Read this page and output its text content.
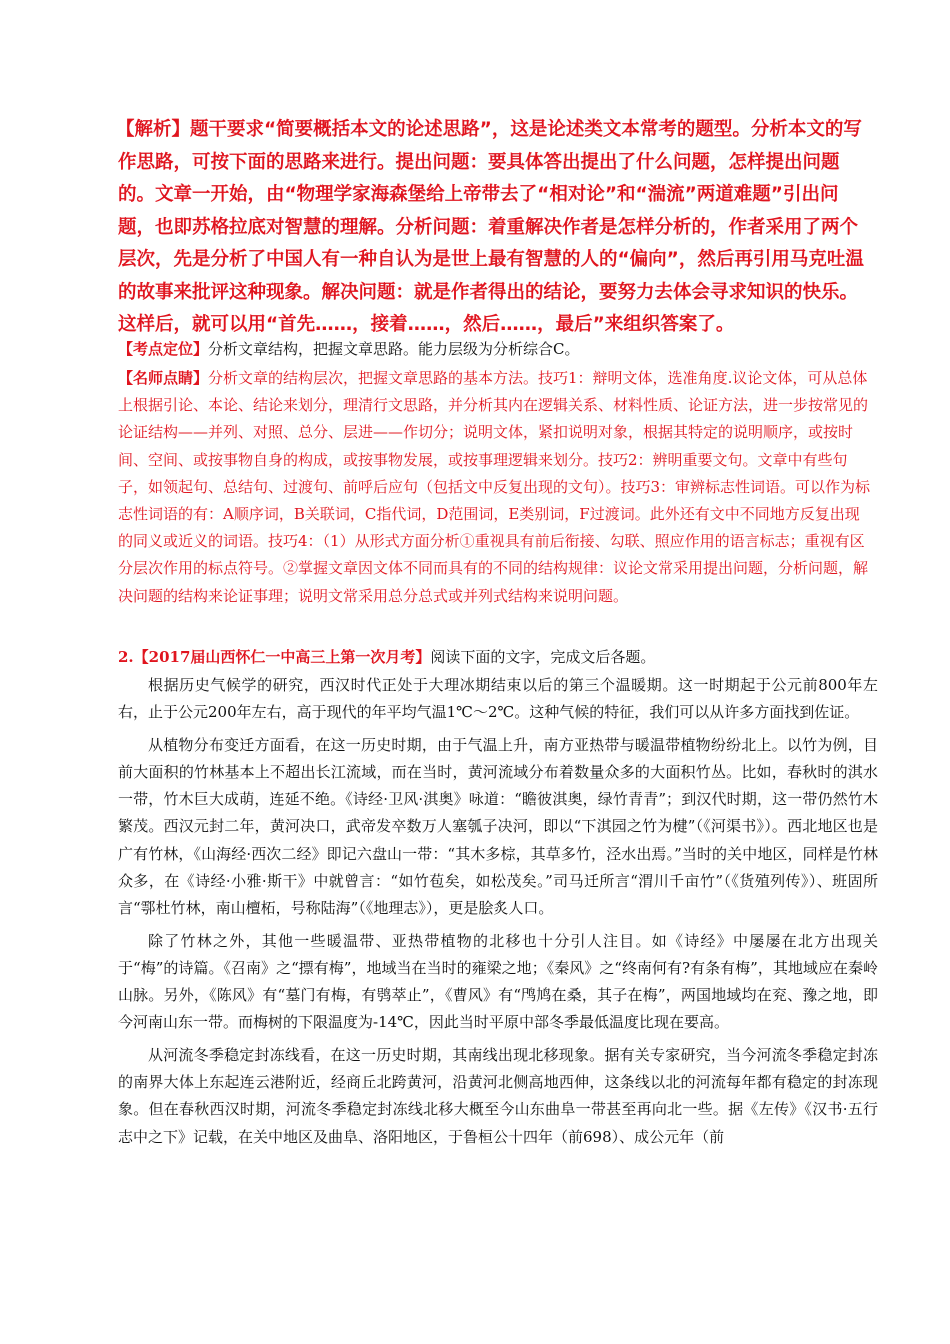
【解析】题干要求“简要概括本文的论述思路”，这是论述类文本常考的题型。分析本文的写作思路，可按下面的思路来进行。提出问题：要具体答出提出了什么问题，怎样提出问题的。文章一开始，由“物理学家海森堡给上帝带去了“相对论”和“湍流”两道难题”引出问题，也即苏格拉底对智慧的理解。分析问题：着重解决作者是怎样分析的，作者采用了两个层次，先是分析了中国人有一种自认为是世上最有智慧的人的“偏向”，然后再引用马克吐温的故事来批评这种现象。解决问题：就是作者得出的结论，要努力去体会寻求知识的快乐。这样后，就可以用“首先……，接着……，然后……，最后”来组织答案了。

【考点定位】分析文章结构，把握文章思路。能力层级为分析综合C。
【名师点睛】分析文章的结构层次，把握文章思路的基本方法。技巧1：辩明文体，选准角度.议论文体，可从总体上根据引论、本论、结论来划分，理清行文思路，并分析其内在逻辑关系、材料性质、论证方法，进一步按常见的论证结构——并列、对照、总分、层进——作切分；说明文体，紧扣说明对象，根据其特定的说明顺序，或按时间、空间、或按事物自身的构成，或按事物发展，或按事理逻辑来划分。技巧2：辨明重要文句。文章中有些句子，如领起句、总结句、过渡句、前呼后应句（包括文中反复出现的文句）。技巧3：审辨标志性词语。可以作为标志性词语的有：A顺序词，B关联词，C指代词，D范围词，E类别词，F过渡词。此外还有文中不同地方反复出现的同义或近义的词语。技巧4：（1）从形式方面分析①重视具有前后衔接、勾联、照应作用的语言标志；重视有区分层次作用的标点符号。②掌握文章因文体不同而具有的不同的结构规律：议论文常采用提出问题，分析问题，解决问题的结构来论证事理；说明文常采用总分总式或并列式结构来说明问题。
2.【2017届山西怀仁一中高三上第一次月考】阅读下面的文字，完成文后各题。

根据历史气候学的研究，西汉时代正处于大理冰期结束以后的第三个温暖期。这一时期起于公元前800年左右，止于公元200年左右，高于现代的年平均气温1℃～2℃。这种气候的特征，我们可以从许多方面找到佐证。

从植物分布变迁方面看，在这一历史时期，由于气温上升，南方亚热带与暖温带植物纷纷北上。以竹为例，目前大面积的竹林基本上不超出长江流域，而在当时，黄河流域分布着数量众多的大面积竹丛。比如，春秋时的淇水一带，竹木巨大成萌，连延不绝。《诗经·卫风·淇奥》咏道：“瞻彼淇奥，绿竹青青”；到汉代时期，这一带仍然竹木繁茂。西汉元封二年，黄河决口，武帝发卒数万人塞瓠子决河，即以“下淇园之竹为楗”（《河渠书》）。西北地区也是广有竹林，《山海经·西次二经》即记六盘山一带：“其木多棕，其草多竹，泾水出焉。”当时的关中地区，同样是竹林众多，在《诗经·小雅·斯干》中就曾言：“如竹苞矣，如松茂矣。”司马迁所言“渭川千亩竹”（《货殖列传》）、班固所言“鄠杜竹林，南山檀柘，号称陆海”（《地理志》），更是脍炙人口。

除了竹林之外，其他一些暖温带、亚热带植物的北移也十分引人注目。如《诗经》中屡屡在北方出现关于“梅”的诗篇。《召南》之“摽有梅”，地域当在当时的雍梁之地；《秦风》之“终南何有?有条有梅”，其地域应在秦岭山脉。另外，《陈风》有“墓门有梅，有鸮萃止”，《曹风》有“鸤鸠在桑，其子在梅”，两国地域均在兖、豫之地，即今河南山东一带。而梅树的下限温度为-14℃，因此当时平原中部冬季最低温度比现在要高。

从河流冬季稳定封冻线看，在这一历史时期，其南线出现北移现象。据有关专家研究，当今河流冬季稳定封冻的南界大体上东起连云港附近，经商丘北跨黄河，沿黄河北侧高地西伸，这条线以北的河流每年都有稳定的封冻现象。但在春秋西汉时期，河流冬季稳定封冻线北移大概至今山东曲阜一带甚至再向北一些。据《左传》《汉书·五行志中之下》记载，在关中地区及曲阜、洛阳地区，于鲁桓公十四年（前698）、成公元年（前
